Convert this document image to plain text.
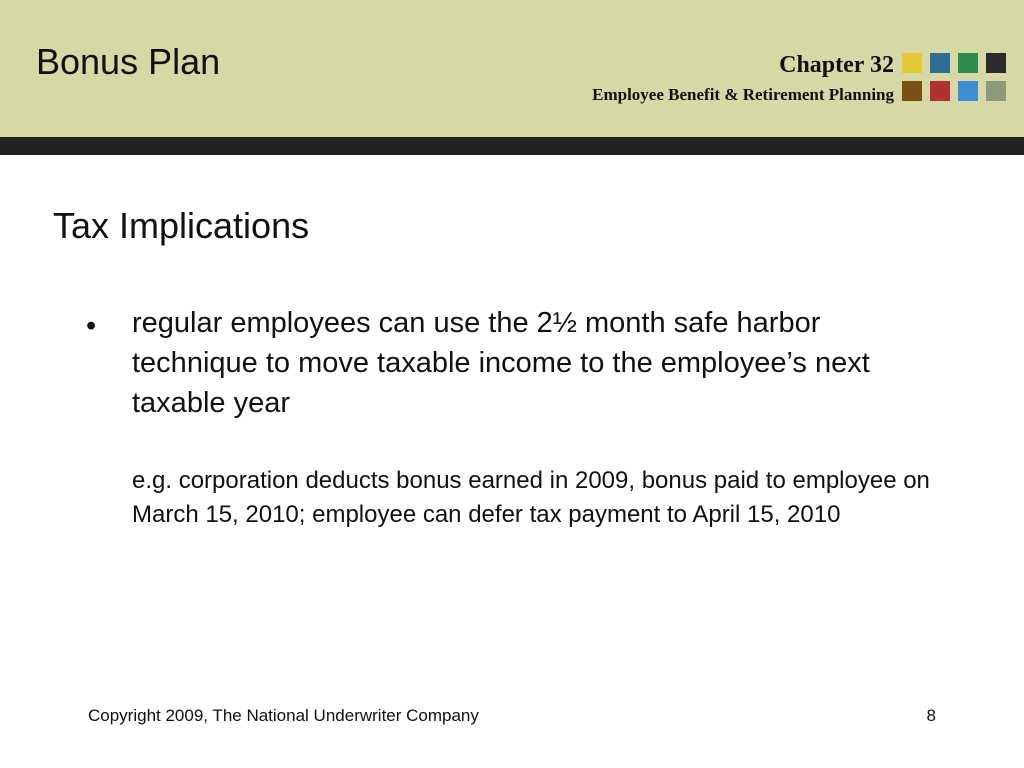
Bonus Plan	Chapter 32
Employee Benefit & Retirement Planning
Tax Implications
• regular employees can use the 2½ month safe harbor technique to move taxable income to the employee’s next taxable year
e.g. corporation deducts bonus earned in 2009, bonus paid to employee on March 15, 2010; employee can defer tax payment to April 15, 2010
Copyright 2009, The National Underwriter Company	8
